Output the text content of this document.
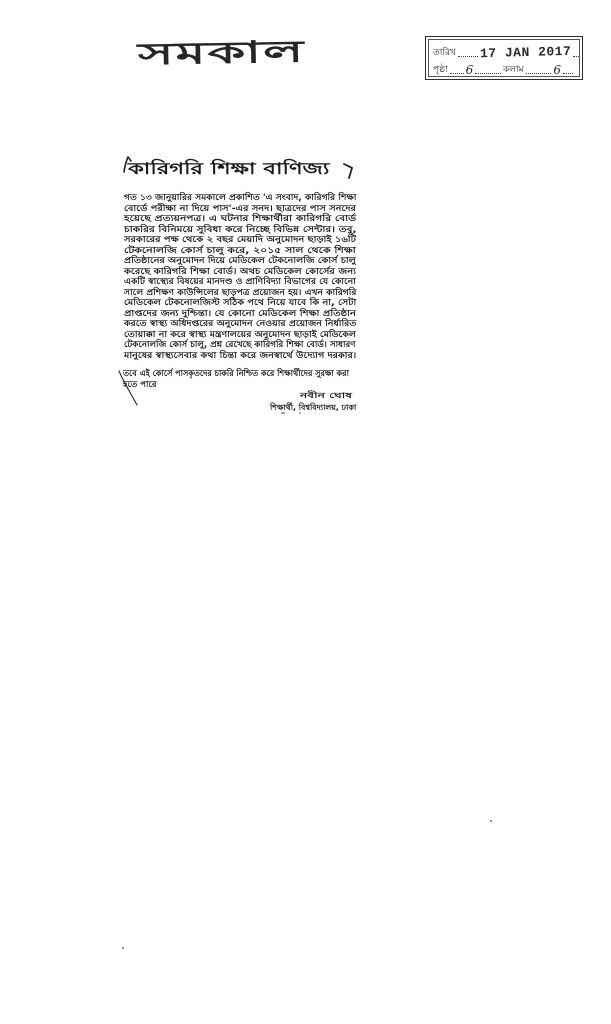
সমকাল	তারিখ 17 JAN 2017
পৃষ্ঠা 6	কলাম 6
কারিগরি শিক্ষা বাণিজ্য
গত ১৩ জানুয়ারির সমকালে প্রকাশিত 'এ সংবাদ, কারিগরি শিক্ষা
বোর্ডে পরীক্ষা না দিয়ে পাস'-এর সনদ। ছাত্রদের পাস সনদের
হয়েছে প্রত্যয়নপত্র। এ ঘটনার শিক্ষার্থীরা কারিগরি বোর্ড
চাকরির বিনিময়ে সুবিধা করে নিচ্ছে বিভিন্ন সেন্টার। তবু,
সরকারের পক্ষ থেকে ২ বছর মেয়াদি অনুমোদন ছাড়াই ১৬টি
টেকনোলজি কোর্স চালু করে, ২০১৫ সাল থেকে শিক্ষা
প্রতিষ্ঠানের অনুমোদন দিয়ে মেডিকেল টেকনোলজি কোর্স চালু
করেছে কারিগরি শিক্ষা বোর্ড। অথচ মেডিকেল কোর্সের জন্য
একটি স্বাস্থ্যের বিষয়ের মানদণ্ড ও প্রাণিবিদ্যা বিভাগের যে কোনো
সালে প্রশিক্ষণ কাউন্সিলের ছাড়পত্র প্রয়োজন হয়। এখন কারিগরি
মেডিকেল টেকনোলজিস্ট সঠিক পথে নিয়ে যাবে কি না, সেটা
প্রাপ্তদের জন্য দুশ্চিন্তা। যে কোনো মেডিকেল শিক্ষা প্রতিষ্ঠান
করতে স্বাস্থ্য অধিদপ্তরের অনুমোদন নেওয়ার প্রয়োজন নির্ধারিত
তোয়াক্কা না করে স্বাস্থ্য মন্ত্রণালয়ের অনুমোদন ছাড়াই মেডিকেল
টেকনোলজি কোর্স চালু, প্রশ্ন রেখেছে কারিগরি শিক্ষা বোর্ড। সাধারণ
মানুষের স্বাস্থ্যসেবার কথা চিন্তা করে জনস্বার্থে উদ্যোগ দরকার।
তবে এই কোর্সে পাসকৃতদের চাকরি নিশ্চিত করে শিক্ষার্থীদের সুরক্ষা করা
হতে পারে
নবীন ঘোষ
শিক্ষার্থী, বিশ্ববিদ্যালয়, ঢাকা
